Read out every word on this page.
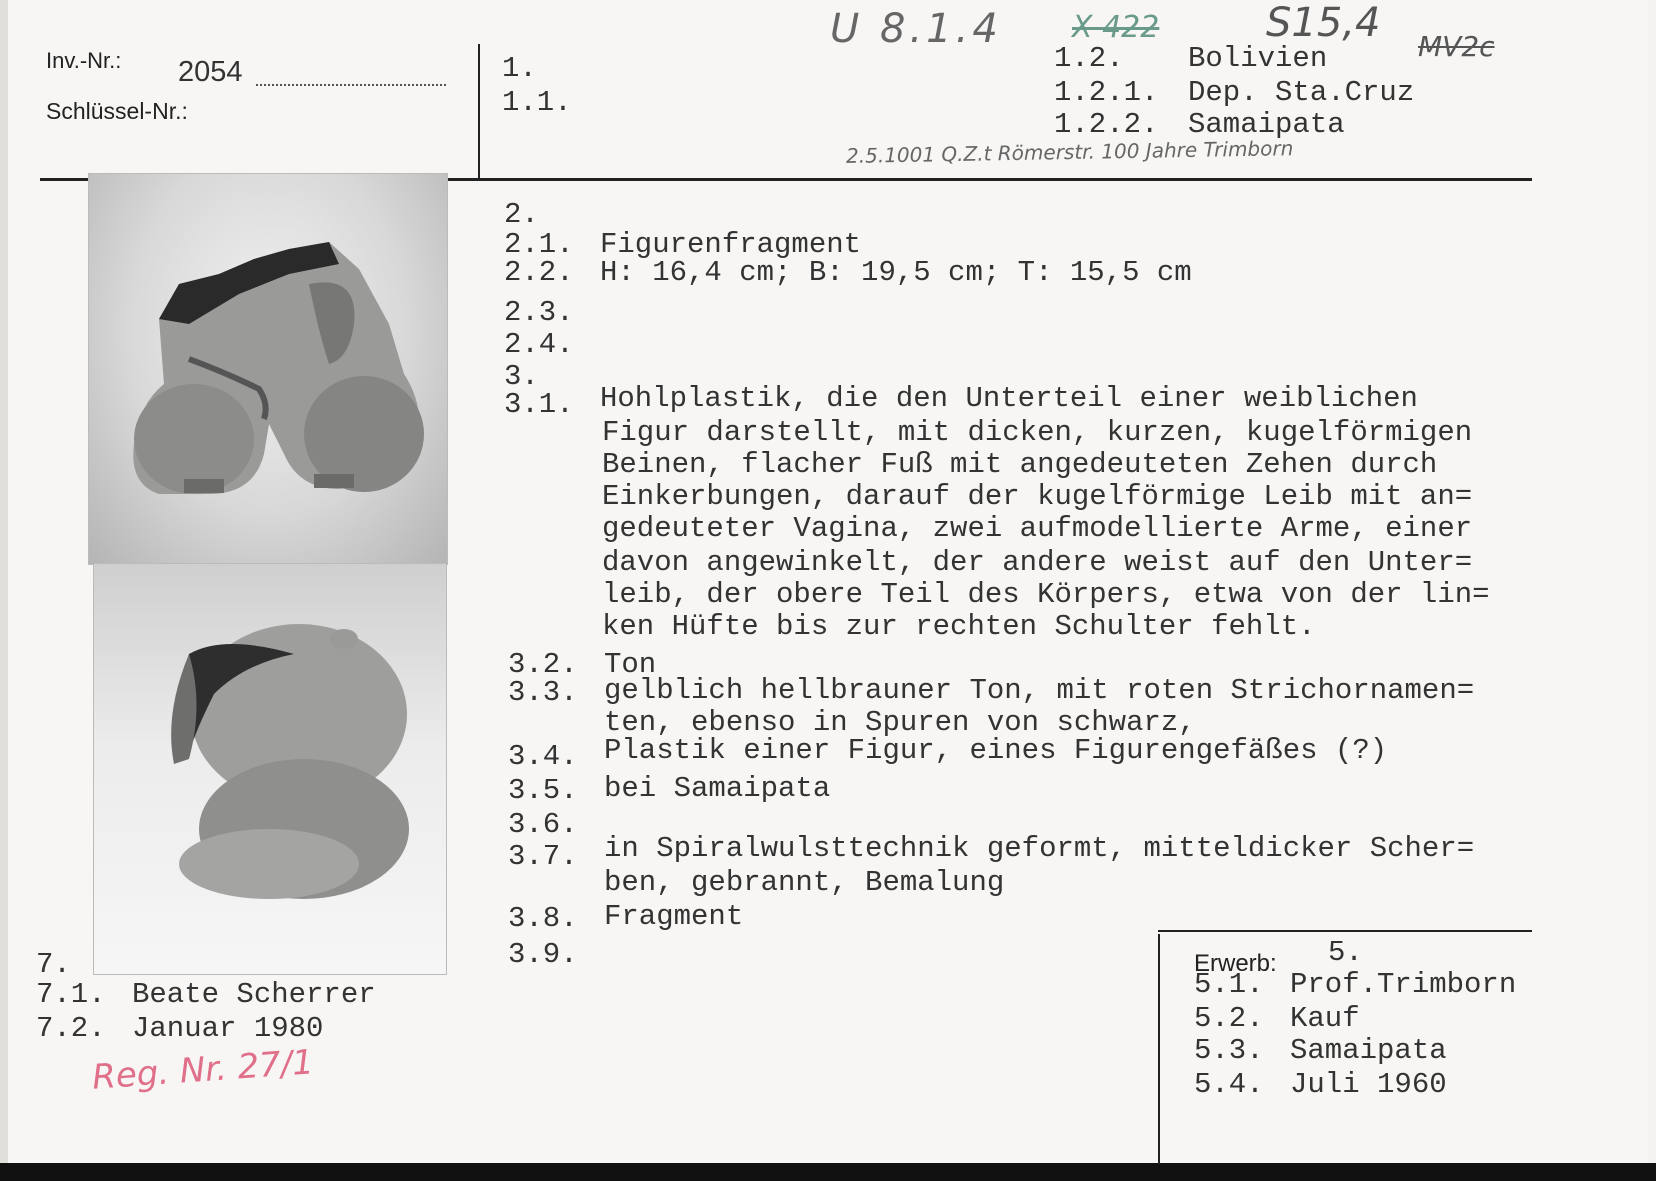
Inv.-Nr.: 2054
Schlüssel-Nr.:
1.
1.1.
1.2. Bolivien
1.2.1. Dep. Sta.Cruz
1.2.2. Samaipata
U 8.1.4 X 422	S15,4
MV2c
2.5.1001 Q.Z.t Römerstr. 100 Jahre Trimborn
2.
2.1. Figurenfragment
2.2. H: 16,4 cm; B: 19,5 cm; T: 15,5 cm
2.3.
2.4.
3.
3.1. Hohlplastik, die den Unterteil einer weiblichen
Figur darstellt, mit dicken, kurzen, kugelförmigen
Beinen, flacher Fuß mit angedeuteten Zehen durch
Einkerbungen, darauf der kugelförmige Leib mit an=
gedeuteter Vagina, zwei aufmodellierte Arme, einer
davon angewinkelt, der andere weist auf den Unter=
leib, der obere Teil des Körpers, etwa von der lin=
ken Hüfte bis zur rechten Schulter fehlt.
3.2. Ton
3.3. gelblich hellbrauner Ton, mit roten Strichornamen=
ten, ebenso in Spuren von schwarz,
3.4. Plastik einer Figur, eines Figurengefäßes (?)
3.5. bei Samaipata
3.6.
3.7. in Spiralwulsttechnik geformt, mitteldicker Scher=
ben, gebrannt, Bemalung
3.8. Fragment
3.9.
7.
7.1. Beate Scherrer
7.2. Januar 1980
Reg. Nr. 27/1
Erwerb: 5.
5.1. Prof.Trimborn
5.2. Kauf
5.3. Samaipata
5.4. Juli 1960
